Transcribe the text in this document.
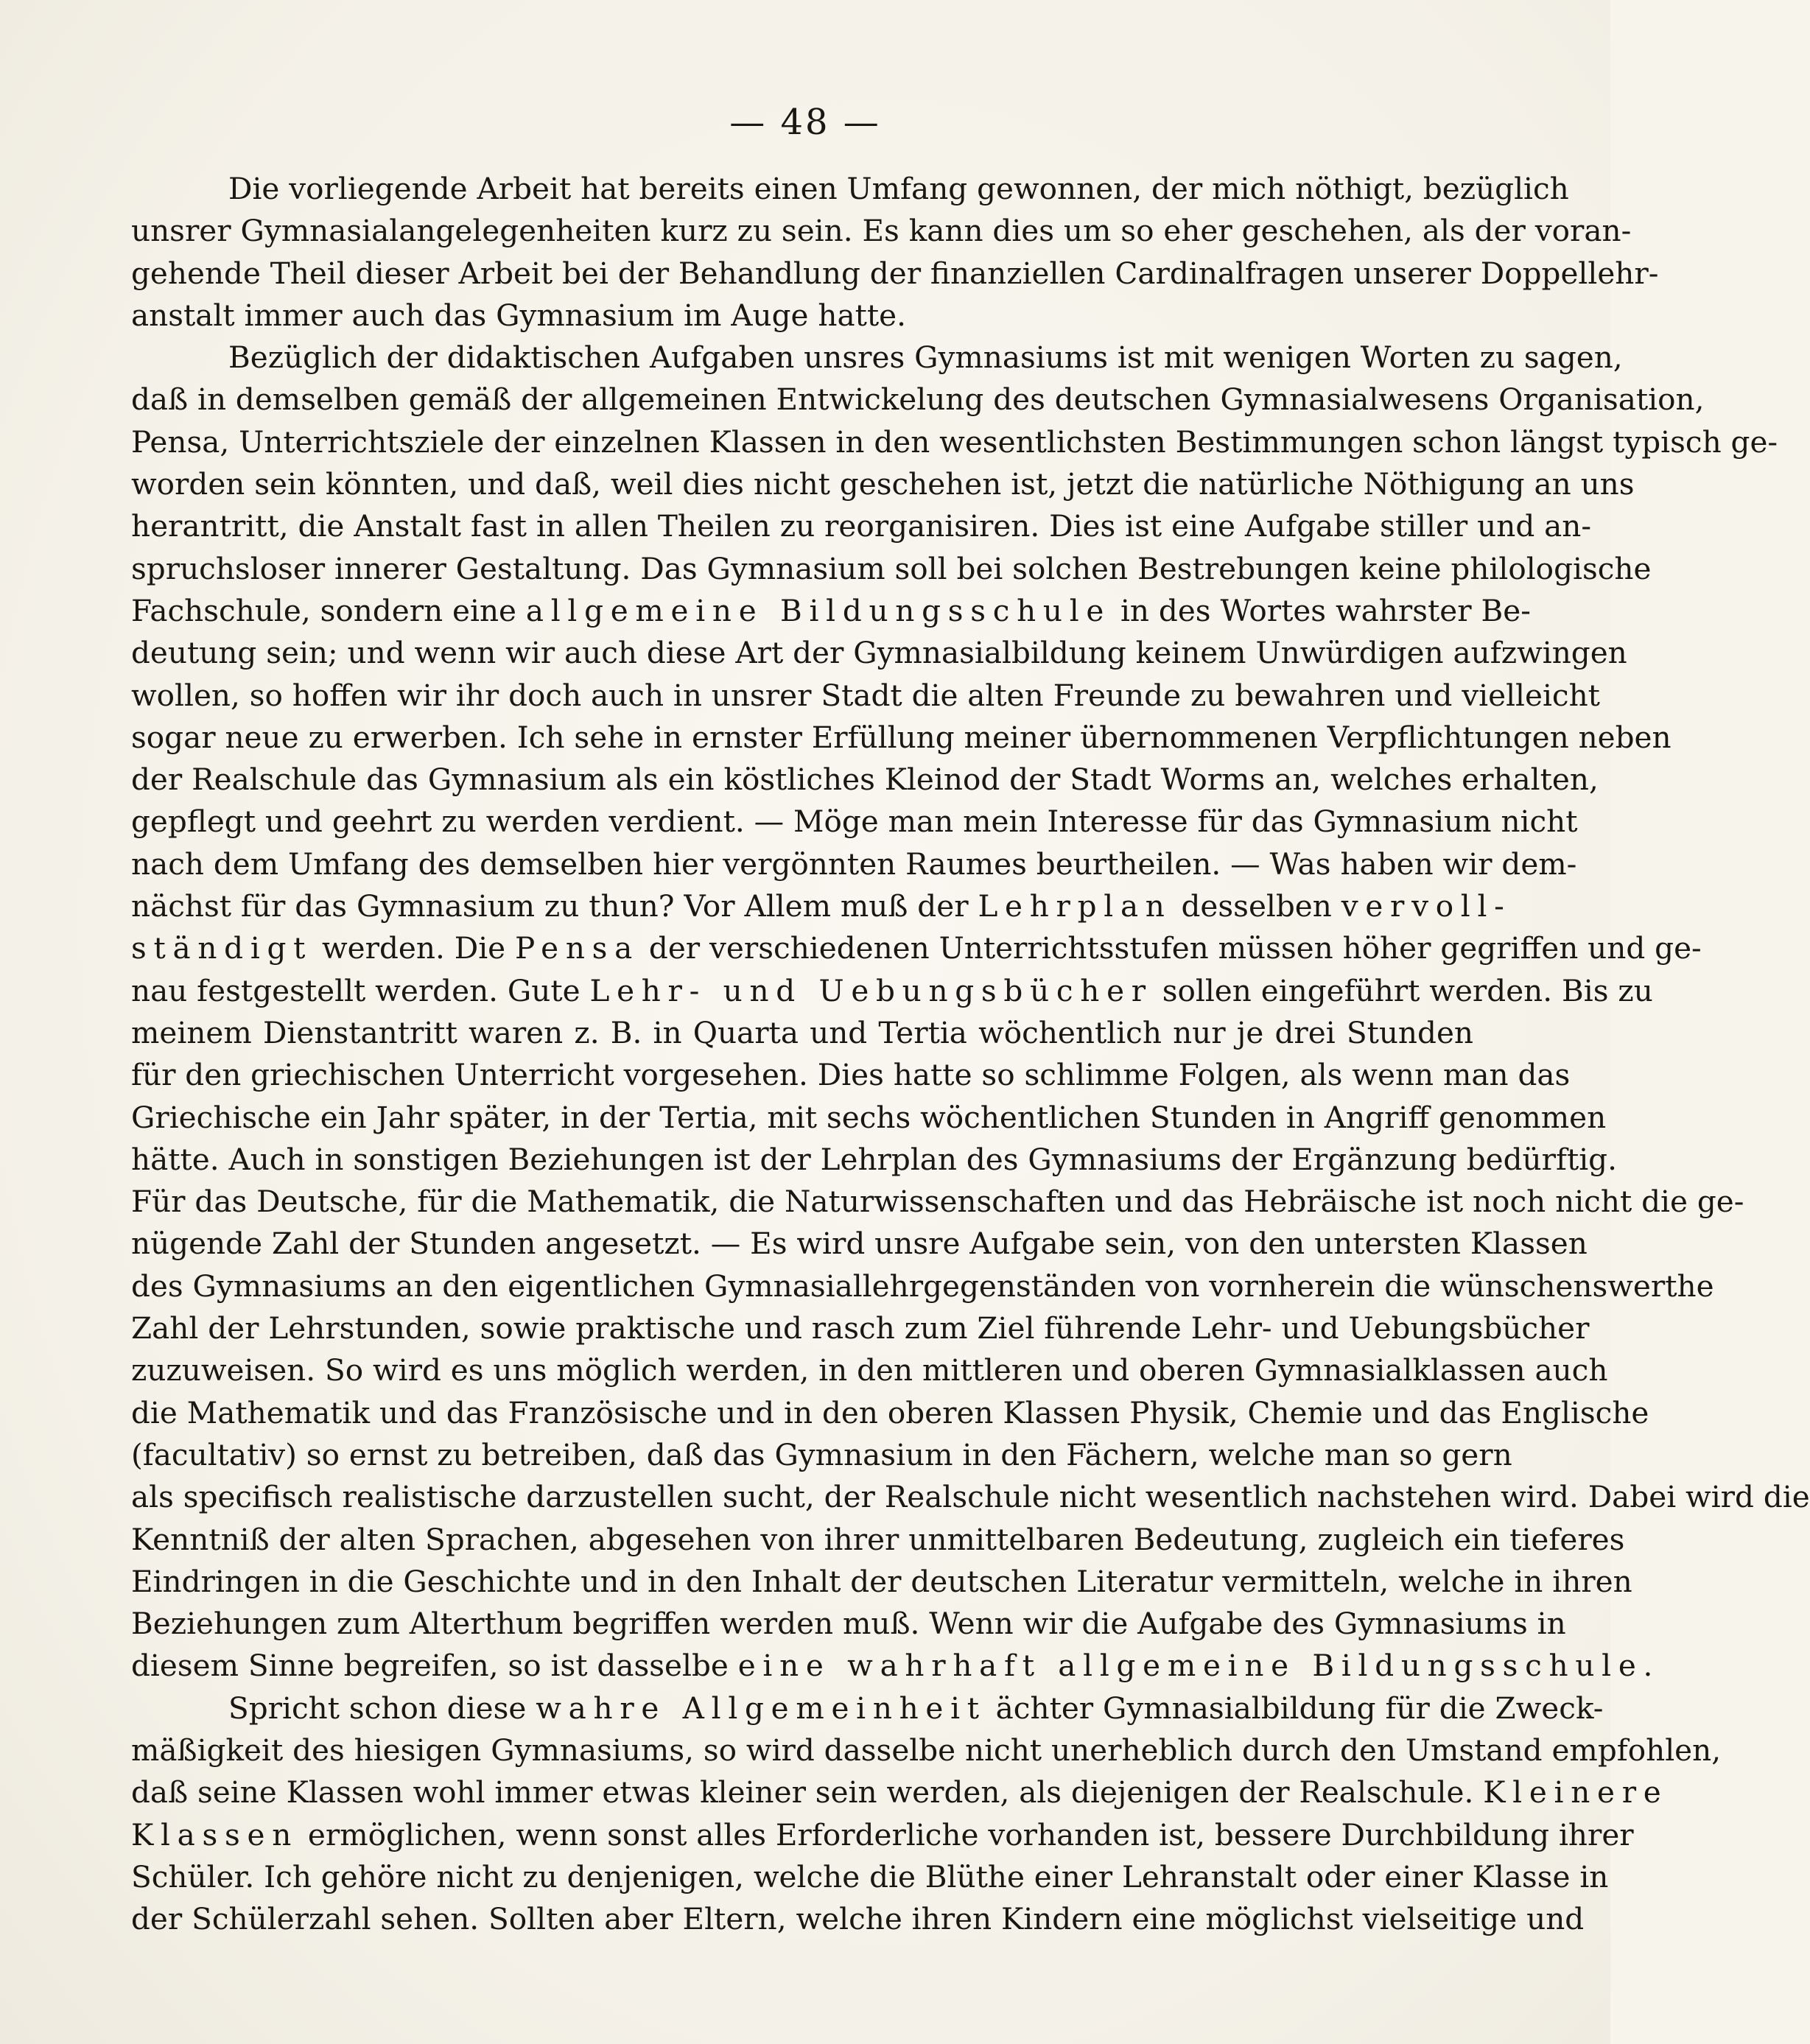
— 48 —
Die vorliegende Arbeit hat bereits einen Umfang gewonnen, der mich nöthigt, bezüglich
unsrer Gymnasialangelegenheiten kurz zu sein. Es kann dies um so eher geschehen, als der voran-
gehende Theil dieser Arbeit bei der Behandlung der finanziellen Cardinalfragen unserer Doppellehr-
anstalt immer auch das Gymnasium im Auge hatte.
Bezüglich der didaktischen Aufgaben unsres Gymnasiums ist mit wenigen Worten zu sagen,
daß in demselben gemäß der allgemeinen Entwickelung des deutschen Gymnasialwesens Organisation,
Pensa, Unterrichtsziele der einzelnen Klassen in den wesentlichsten Bestimmungen schon längst typisch ge-
worden sein könnten, und daß, weil dies nicht geschehen ist, jetzt die natürliche Nöthigung an uns
herantritt, die Anstalt fast in allen Theilen zu reorganisiren. Dies ist eine Aufgabe stiller und an-
spruchsloser innerer Gestaltung. Das Gymnasium soll bei solchen Bestrebungen keine philologische
Fachschule, sondern eine allgemeine Bildungsschule in des Wortes wahrster Be-
deutung sein; und wenn wir auch diese Art der Gymnasialbildung keinem Unwürdigen aufzwingen
wollen, so hoffen wir ihr doch auch in unsrer Stadt die alten Freunde zu bewahren und vielleicht
sogar neue zu erwerben. Ich sehe in ernster Erfüllung meiner übernommenen Verpflichtungen neben
der Realschule das Gymnasium als ein köstliches Kleinod der Stadt Worms an, welches erhalten,
gepflegt und geehrt zu werden verdient. — Möge man mein Interesse für das Gymnasium nicht
nach dem Umfang des demselben hier vergönnten Raumes beurtheilen. — Was haben wir dem-
nächst für das Gymnasium zu thun? Vor Allem muß der Lehrplan desselben vervoll-
ständigt werden. Die Pensa der verschiedenen Unterrichtsstufen müssen höher gegriffen und ge-
nau festgestellt werden. Gute Lehr- und Uebungsbücher sollen eingeführt werden. Bis zu
meinem Dienstantritt waren z. B. in Quarta und Tertia wöchentlich nur je drei Stunden
für den griechischen Unterricht vorgesehen. Dies hatte so schlimme Folgen, als wenn man das
Griechische ein Jahr später, in der Tertia, mit sechs wöchentlichen Stunden in Angriff genommen
hätte. Auch in sonstigen Beziehungen ist der Lehrplan des Gymnasiums der Ergänzung bedürftig.
Für das Deutsche, für die Mathematik, die Naturwissenschaften und das Hebräische ist noch nicht die ge-
nügende Zahl der Stunden angesetzt. — Es wird unsre Aufgabe sein, von den untersten Klassen
des Gymnasiums an den eigentlichen Gymnasiallehrgegenständen von vornherein die wünschenswerthe
Zahl der Lehrstunden, sowie praktische und rasch zum Ziel führende Lehr- und Uebungsbücher
zuzuweisen. So wird es uns möglich werden, in den mittleren und oberen Gymnasialklassen auch
die Mathematik und das Französische und in den oberen Klassen Physik, Chemie und das Englische
(facultativ) so ernst zu betreiben, daß das Gymnasium in den Fächern, welche man so gern
als specifisch realistische darzustellen sucht, der Realschule nicht wesentlich nachstehen wird. Dabei wird die
Kenntniß der alten Sprachen, abgesehen von ihrer unmittelbaren Bedeutung, zugleich ein tieferes
Eindringen in die Geschichte und in den Inhalt der deutschen Literatur vermitteln, welche in ihren
Beziehungen zum Alterthum begriffen werden muß. Wenn wir die Aufgabe des Gymnasiums in
diesem Sinne begreifen, so ist dasselbe eine wahrhaft allgemeine Bildungsschule.
Spricht schon diese wahre Allgemeinheit ächter Gymnasialbildung für die Zweck-
mäßigkeit des hiesigen Gymnasiums, so wird dasselbe nicht unerheblich durch den Umstand empfohlen,
daß seine Klassen wohl immer etwas kleiner sein werden, als diejenigen der Realschule. Kleinere
Klassen ermöglichen, wenn sonst alles Erforderliche vorhanden ist, bessere Durchbildung ihrer
Schüler. Ich gehöre nicht zu denjenigen, welche die Blüthe einer Lehranstalt oder einer Klasse in
der Schülerzahl sehen. Sollten aber Eltern, welche ihren Kindern eine möglichst vielseitige und
